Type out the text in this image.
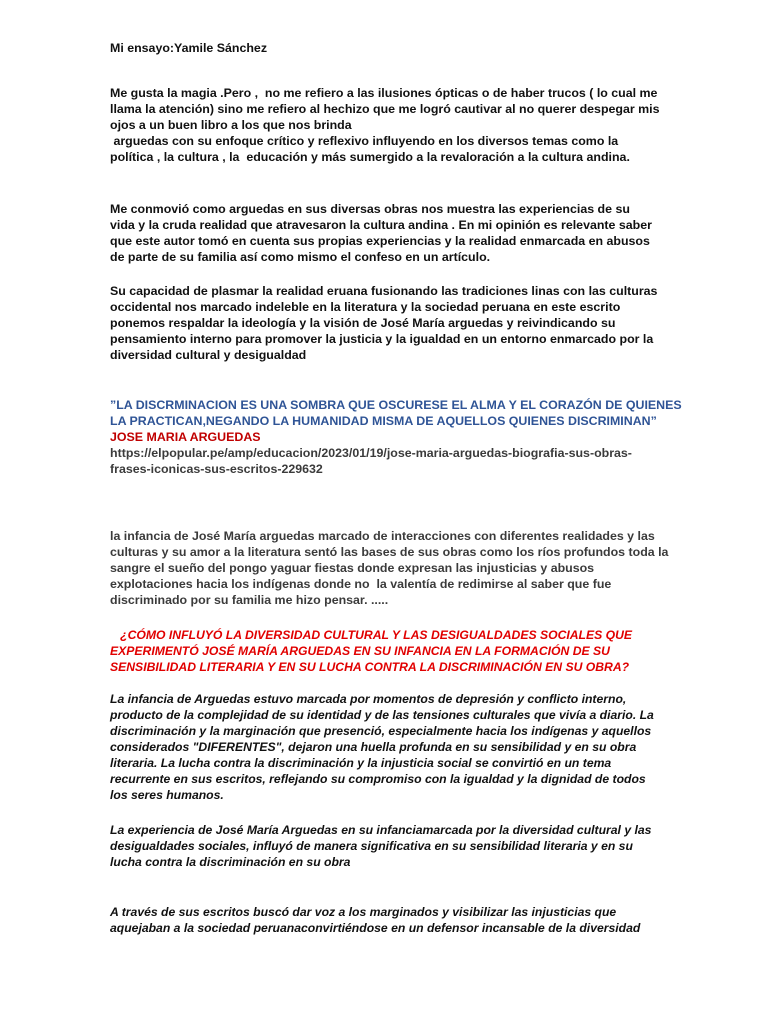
Mi ensayo:Yamile Sánchez
Me gusta la magia .Pero ,  no me refiero a las ilusiones ópticas o de haber trucos ( lo cual me
llama la atención) sino me refiero al hechizo que me logró cautivar al no querer despegar mis
ojos a un buen libro a los que nos brinda
arguedas con su enfoque crítico y reflexivo influyendo en los diversos temas como la
política , la cultura , la  educación y más sumergido a la revaloración a la cultura andina.
Me conmovió como arguedas en sus diversas obras nos muestra las experiencias de su
vida y la cruda realidad que atravesaron la cultura andina . En mi opinión es relevante saber
que este autor tomó en cuenta sus propias experiencias y la realidad enmarcada en abusos
de parte de su familia así como mismo el confeso en un artículo.
Su capacidad de plasmar la realidad eruana fusionando las tradiciones linas con las culturas
occidental nos marcado indeleble en la literatura y la sociedad peruana en este escrito
ponemos respaldar la ideología y la visión de José María arguedas y reivindicando su
pensamiento interno para promover la justicia y la igualdad en un entorno enmarcado por la
diversidad cultural y desigualdad
”LA DISCRMINACION ES UNA SOMBRA QUE OSCURESE EL ALMA Y EL CORAZÓN DE QUIENES
LA PRACTICAN,NEGANDO LA HUMANIDAD MISMA DE AQUELLOS QUIENES DISCRIMINAN”
JOSE MARIA ARGUEDAS
https://elpopular.pe/amp/educacion/2023/01/19/jose-maria-arguedas-biografia-sus-obras-
frases-iconicas-sus-escritos-229632
la infancia de José María arguedas marcado de interacciones con diferentes realidades y las
culturas y su amor a la literatura sentó las bases de sus obras como los ríos profundos toda la
sangre el sueño del pongo yaguar fiestas donde expresan las injusticias y abusos
explotaciones hacia los indígenas donde no  la valentía de redimirse al saber que fue
discriminado por su familia me hizo pensar. .....
¿CÓMO INFLUYÓ LA DIVERSIDAD CULTURAL Y LAS DESIGUALDADES SOCIALES QUE
EXPERIMENTÓ JOSÉ MARÍA ARGUEDAS EN SU INFANCIA EN LA FORMACIÓN DE SU
SENSIBILIDAD LITERARIA Y EN SU LUCHA CONTRA LA DISCRIMINACIÓN EN SU OBRA?
La infancia de Arguedas estuvo marcada por momentos de depresión y conflicto interno,
producto de la complejidad de su identidad y de las tensiones culturales que vivía a diario. La
discriminación y la marginación que presenció, especialmente hacia los indígenas y aquellos
considerados "DIFERENTES", dejaron una huella profunda en su sensibilidad y en su obra
literaria. La lucha contra la discriminación y la injusticia social se convirtió en un tema
recurrente en sus escritos, reflejando su compromiso con la igualdad y la dignidad de todos
los seres humanos.
La experiencia de José María Arguedas en su infanciamarcada por la diversidad cultural y las
desigualdades sociales, influyó de manera significativa en su sensibilidad literaria y en su
lucha contra la discriminación en su obra
A través de sus escritos buscó dar voz a los marginados y visibilizar las injusticias que
aquejaban a la sociedad peruanaconvirtiéndose en un defensor incansable de la diversidad
